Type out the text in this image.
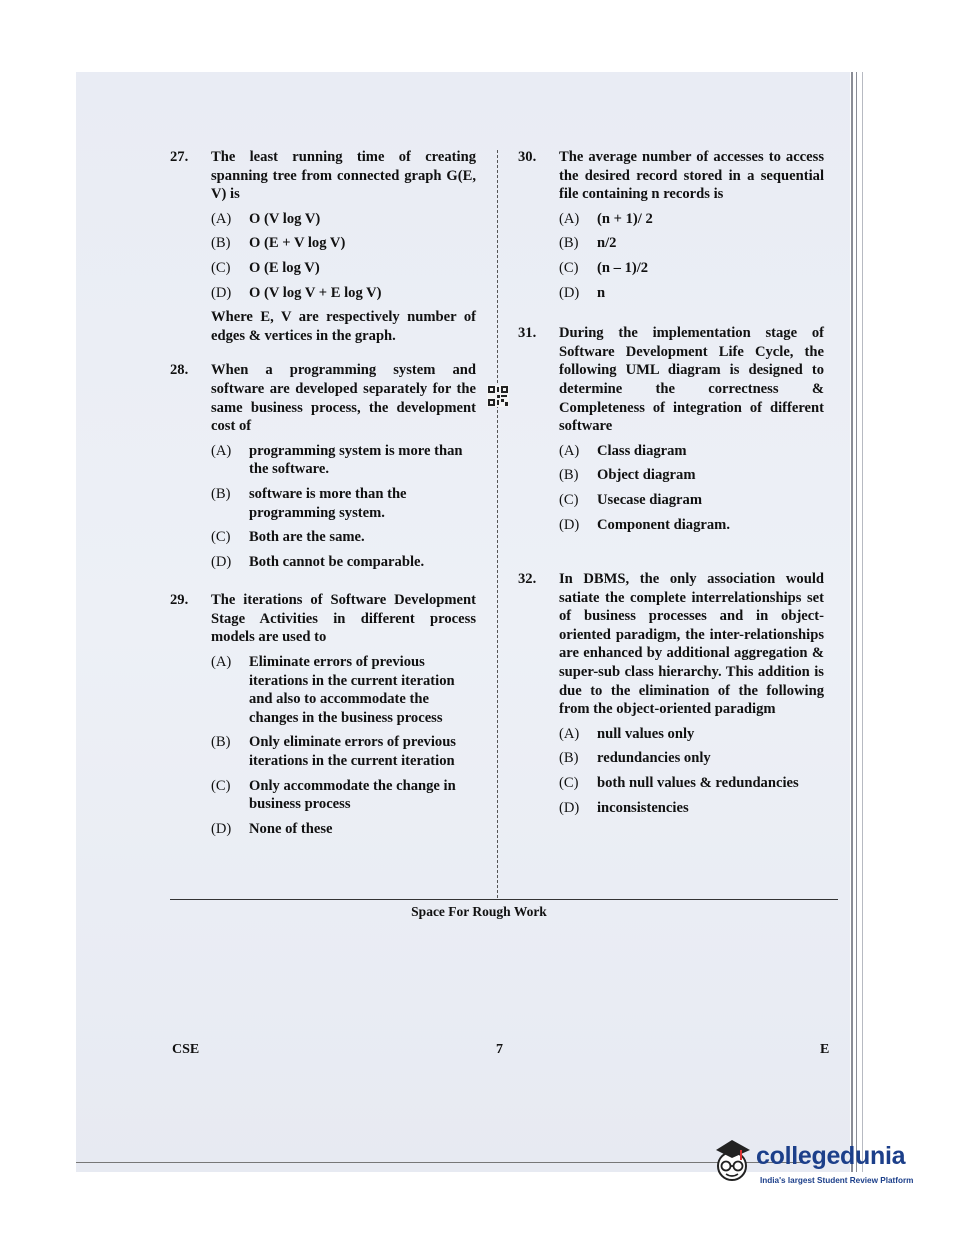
27. The least running time of creating spanning tree from connected graph G(E, V) is
(A) O (V log V)
(B) O (E + V log V)
(C) O (E log V)
(D) O (V log V + E log V)
Where E, V are respectively number of edges & vertices in the graph.
28. When a programming system and software are developed separately for the same business process, the development cost of
(A) programming system is more than the software.
(B) software is more than the programming system.
(C) Both are the same.
(D) Both cannot be comparable.
29. The iterations of Software Development Stage Activities in different process models are used to
(A) Eliminate errors of previous iterations in the current iteration and also to accommodate the changes in the business process
(B) Only eliminate errors of previous iterations in the current iteration
(C) Only accommodate the change in business process
(D) None of these
30. The average number of accesses to access the desired record stored in a sequential file containing n records is
(A) (n + 1)/ 2
(B) n/2
(C) (n – 1)/2
(D) n
31. During the implementation stage of Software Development Life Cycle, the following UML diagram is designed to determine the correctness & Completeness of integration of different software
(A) Class diagram
(B) Object diagram
(C) Usecase diagram
(D) Component diagram.
32. In DBMS, the only association would satiate the complete interrelationships set of business processes and in object-oriented paradigm, the inter-relationships are enhanced by additional aggregation & super-sub class hierarchy. This addition is due to the elimination of the following from the object-oriented paradigm
(A) null values only
(B) redundancies only
(C) both null values & redundancies
(D) inconsistencies
Space For Rough Work
CSE	7	E
collegedunia
India's largest Student Review Platform
